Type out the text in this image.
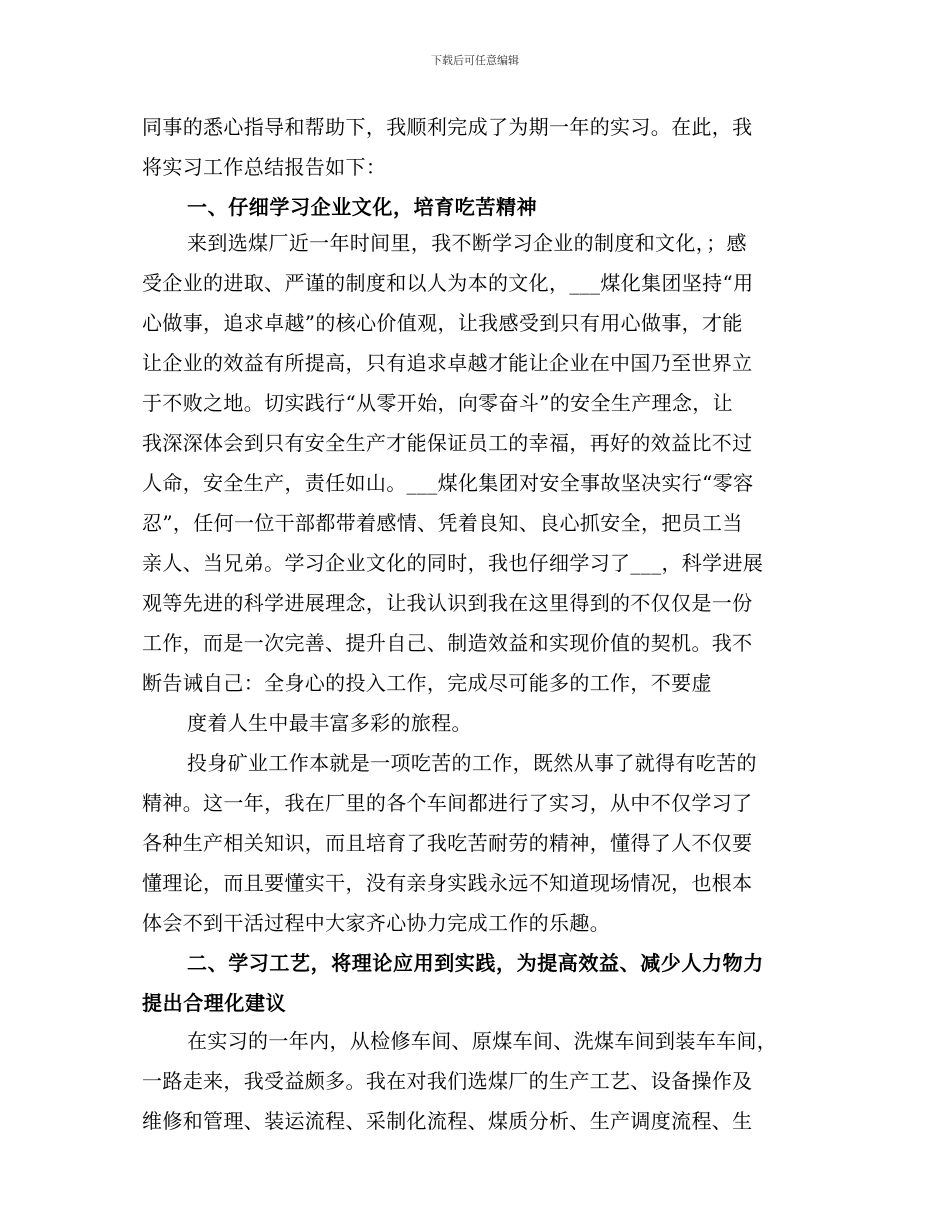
下载后可任意编辑
同事的悉心指导和帮助下，我顺利完成了为期一年的实习。在此，我
将实习工作总结报告如下：
一、仔细学习企业文化，培育吃苦精神
来到选煤厂近一年时间里，我不断学习企业的制度和文化，；感
受企业的进取、严谨的制度和以人为本的文化，___煤化集团坚持“用
心做事，追求卓越”的核心价值观，让我感受到只有用心做事，才能
让企业的效益有所提高，只有追求卓越才能让企业在中国乃至世界立
于不败之地。切实践行“从零开始，向零奋斗”的安全生产理念，让
我深深体会到只有安全生产才能保证员工的幸福，再好的效益比不过
人命，安全生产，责任如山。___煤化集团对安全事故坚决实行“零容
忍”，任何一位干部都带着感情、凭着良知、良心抓安全，把员工当
亲人、当兄弟。学习企业文化的同时，我也仔细学习了___，科学进展
观等先进的科学进展理念，让我认识到我在这里得到的不仅仅是一份
工作，而是一次完善、提升自己、制造效益和实现价值的契机。我不
断告诫自己：全身心的投入工作，完成尽可能多的工作，不要虚
度着人生中最丰富多彩的旅程。
投身矿业工作本就是一项吃苦的工作，既然从事了就得有吃苦的
精神。这一年，我在厂里的各个车间都进行了实习，从中不仅学习了
各种生产相关知识，而且培育了我吃苦耐劳的精神，懂得了人不仅要
懂理论，而且要懂实干，没有亲身实践永远不知道现场情况，也根本
体会不到干活过程中大家齐心协力完成工作的乐趣。
二、学习工艺，将理论应用到实践，为提高效益、减少人力物力
提出合理化建议
在实习的一年内，从检修车间、原煤车间、洗煤车间到装车车间，
一路走来，我受益颇多。我在对我们选煤厂的生产工艺、设备操作及
维修和管理、装运流程、采制化流程、煤质分析、生产调度流程、生
